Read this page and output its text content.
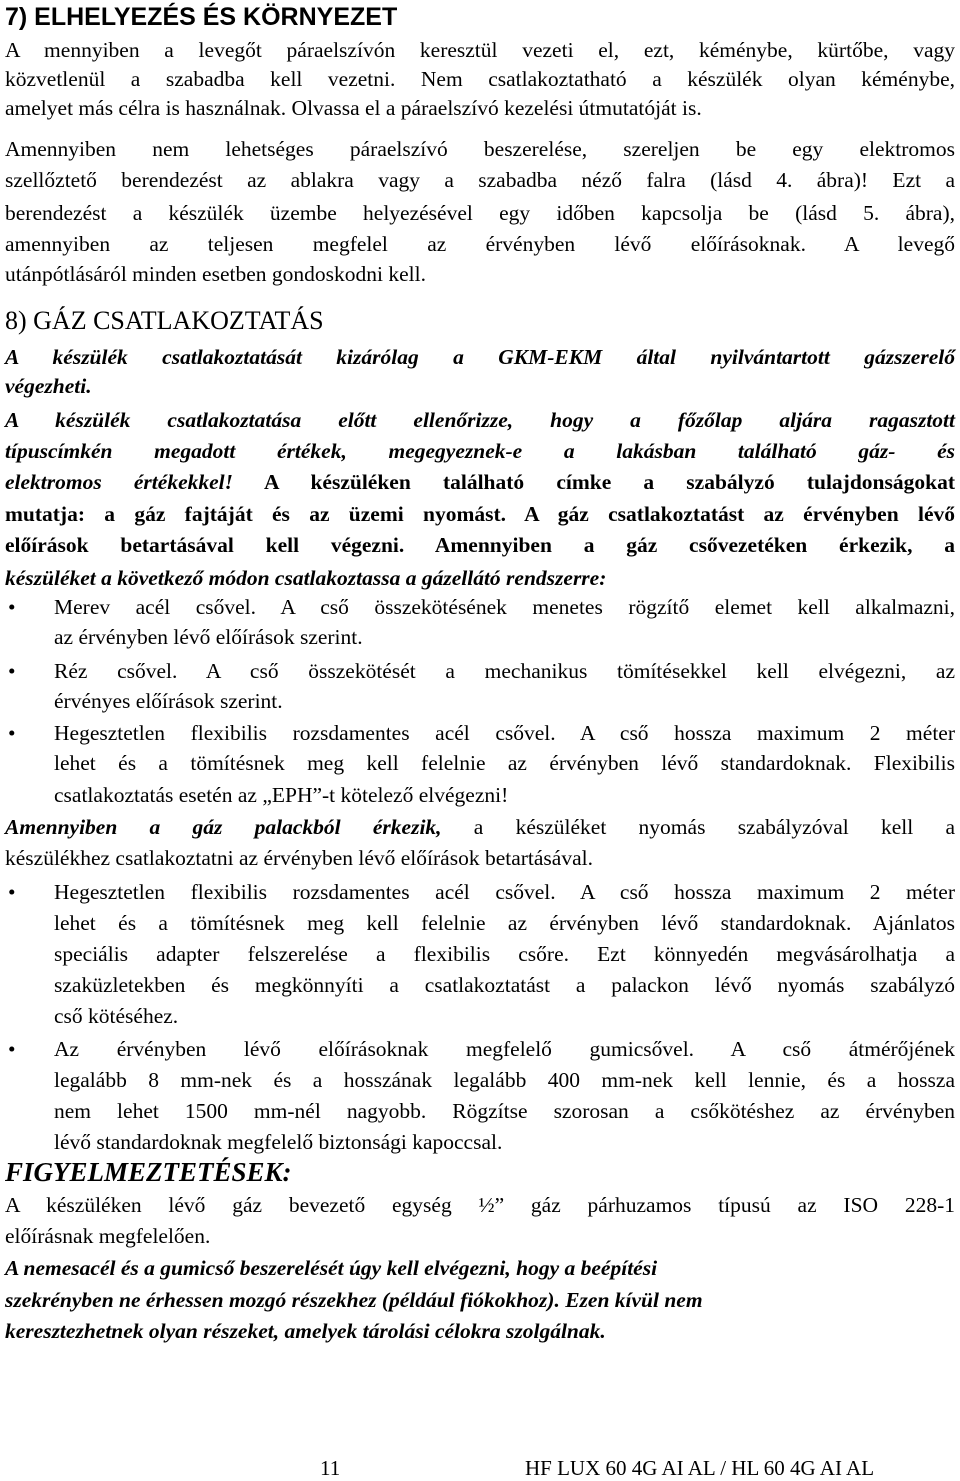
7) ELHELYEZÉS ÉS KÖRNYEZET
A mennyiben a levegőt páraelszívón keresztül vezeti el, ezt, kéménybe, kürtőbe, vagy
közvetlenül a szabadba kell vezetni. Nem csatlakoztatható a készülék olyan kéménybe,
amelyet más célra is használnak. Olvassa el a páraelszívó kezelési útmutatóját is.
Amennyiben nem lehetséges páraelszívó beszerelése, szereljen be egy elektromos
szellőztető berendezést az ablakra vagy a szabadba néző falra (lásd 4. ábra)! Ezt a
berendezést a készülék üzembe helyezésével egy időben kapcsolja be (lásd 5. ábra),
amennyiben az teljesen megfelel az érvényben lévő előírásoknak. A levegő
utánpótlásáról minden esetben gondoskodni kell.
8) GÁZ CSATLAKOZTATÁS
A készülék csatlakoztatását kizárólag a GKM-EKM által nyilvántartott gázszerelő
végezheti.
A készülék csatlakoztatása előtt ellenőrizze, hogy a főzőlap aljára ragasztott
típuscímkén megadott értékek, megegyeznek-e a lakásban található gáz- és
elektromos értékekkel! A készüléken található címke a szabályzó tulajdonságokat
mutatja: a gáz fajtáját és az üzemi nyomást. A gáz csatlakoztatást az érvényben lévő
előírások betartásával kell végezni. Amennyiben a gáz csővezetéken érkezik, a
készüléket a következő módon csatlakoztassa a gázellátó rendszerre:
• Merev acél csővel. A cső összekötésének menetes rögzítő elemet kell alkalmazni,
az érvényben lévő előírások szerint.
• Réz csővel. A cső összekötését a mechanikus tömítésekkel kell elvégezni, az
érvényes előírások szerint.
• Hegesztetlen flexibilis rozsdamentes acél csővel. A cső hossza maximum 2 méter
lehet és a tömítésnek meg kell felelnie az érvényben lévő standardoknak. Flexibilis
csatlakoztatás esetén az „EPH”-t kötelező elvégezni!
Amennyiben a gáz palackból érkezik, a készüléket nyomás szabályzóval kell a
készülékhez csatlakoztatni az érvényben lévő előírások betartásával.
• Hegesztetlen flexibilis rozsdamentes acél csővel. A cső hossza maximum 2 méter
lehet és a tömítésnek meg kell felelnie az érvényben lévő standardoknak. Ajánlatos
speciális adapter felszerelése a flexibilis csőre. Ezt könnyedén megvásárolhatja a
szaküzletekben és megkönnyíti a csatlakoztatást a palackon lévő nyomás szabályzó
cső kötéséhez.
• Az érvényben lévő előírásoknak megfelelő gumicsővel. A cső átmérőjének
legalább 8 mm-nek és a hosszának legalább 400 mm-nek kell lennie, és a hossza
nem lehet 1500 mm-nél nagyobb. Rögzítse szorosan a csőkötéshez az érvényben
lévő standardoknak megfelelő biztonsági kapoccsal.
FIGYELMEZTETÉSEK:
A készüléken lévő gáz bevezető egység ½” gáz párhuzamos típusú az ISO 228-1
előírásnak megfelelően.
A nemesacél és a gumicső beszerelését úgy kell elvégezni, hogy a beépítési
szekrényben ne érhessen mozgó részekhez (például fiókokhoz). Ezen kívül nem
keresztezhetnek olyan részeket, amelyek tárolási célokra szolgálnak.
11	HF LUX 60 4G AI AL / HL 60 4G AI AL
